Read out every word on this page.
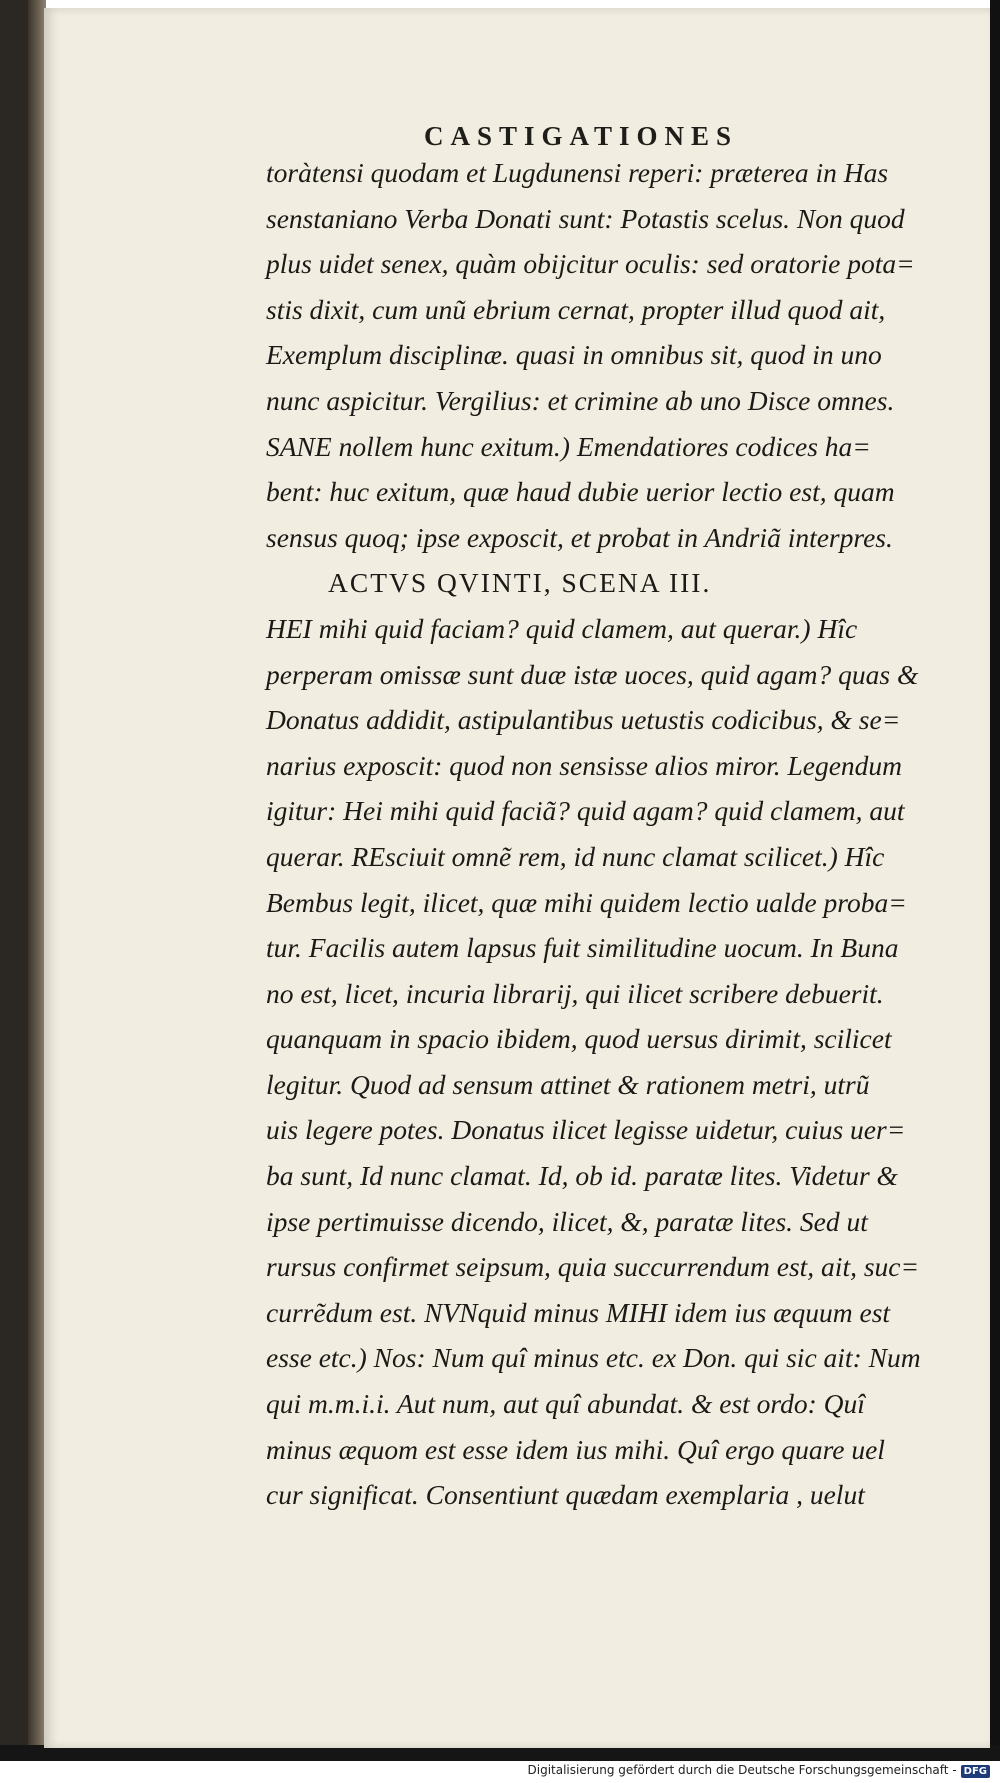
CASTIGATIONES
toràtensi quodam et Lugdunensi reperi: præterea in Has
senstaniano Verba Donati sunt: Potastis scelus. Non quod
plus uidet senex, quàm obijcitur oculis: sed oratorie pota=
stis dixit, cum unũ ebrium cernat, propter illud quod ait,
Exemplum disciplinæ. quasi in omnibus sit, quod in uno
nunc aspicitur. Vergilius: et crimine ab uno Disce omnes.
SANE nollem hunc exitum.) Emendatiores codices ha=
bent: huc exitum, quæ haud dubie uerior lectio est, quam
sensus quoq; ipse exposcit, et probat in Andriã interpres.
ACTVS QVINTI, SCENA III.
HEI mihi quid faciam? quid clamem, aut querar.) Hîc
perperam omissæ sunt duæ istæ uoces, quid agam? quas &
Donatus addidit, astipulantibus uetustis codicibus, & se=
narius exposcit: quod non sensisse alios miror. Legendum
igitur: Hei mihi quid faciã? quid agam? quid clamem, aut
querar. REsciuit omnẽ rem, id nunc clamat scilicet.) Hîc
Bembus legit, ilicet, quæ mihi quidem lectio ualde proba=
tur. Facilis autem lapsus fuit similitudine uocum. In Buna
no est, licet, incuria librarij, qui ilicet scribere debuerit.
quanquam in spacio ibidem, quod uersus dirimit, scilicet
legitur. Quod ad sensum attinet & rationem metri, utrũ
uis legere potes. Donatus ilicet legisse uidetur, cuius uer=
ba sunt, Id nunc clamat. Id, ob id. paratæ lites. Videtur &
ipse pertimuisse dicendo, ilicet, &, paratæ lites. Sed ut
rursus confirmet seipsum, quia succurrendum est, ait, suc=
currẽdum est. NVNquid minus MIHI idem ius æquum est
esse etc.) Nos: Num quî minus etc. ex Don. qui sic ait: Num
qui m.m.i.i. Aut num, aut quî abundat. & est ordo: Quî
minus æquom est esse idem ius mihi. Quî ergo quare uel
cur significat. Consentiunt quædam exemplaria , uelut
Digitalisierung gefördert durch die Deutsche Forschungsgemeinschaft - DFG
